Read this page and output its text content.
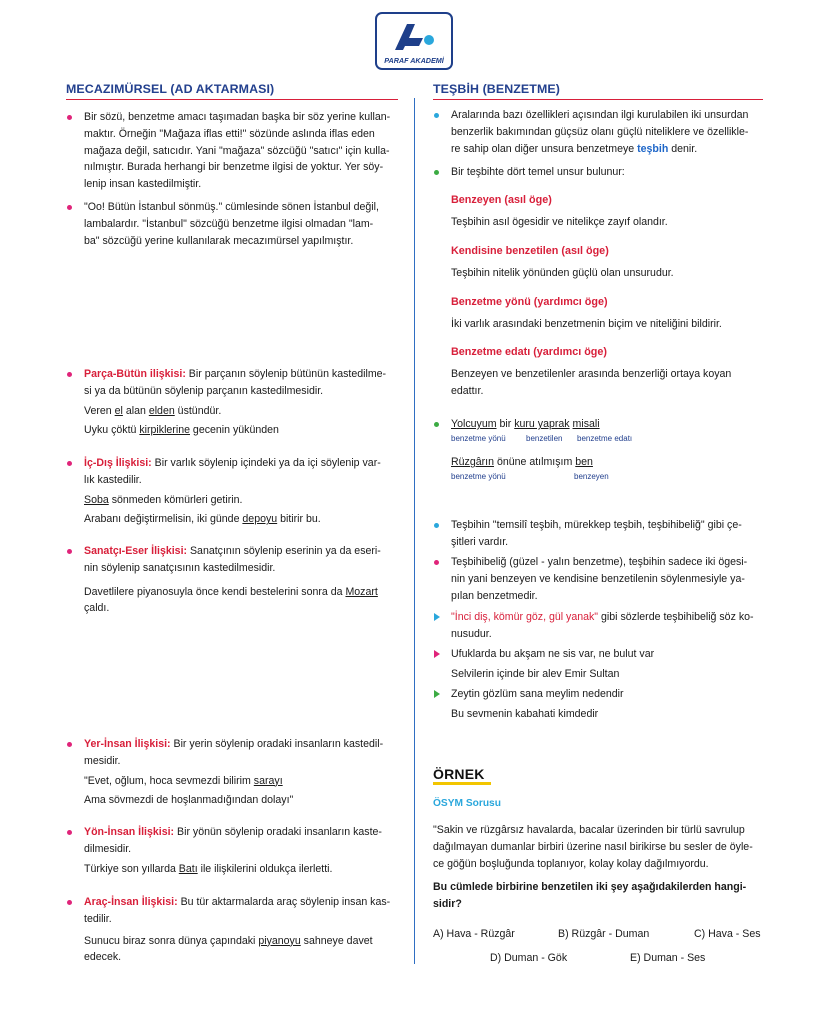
PARAF AKADEMİ
MECAZIMÜRSEL (AD AKTARMASI)
Bir sözü, benzetme amacı taşımadan başka bir söz yerine kullan-
maktır. Örneğin "Mağaza iflas etti!" sözünde aslında iflas eden
mağaza değil, satıcıdır. Yani "mağaza" sözcüğü "satıcı" için kulla-
nılmıştır. Burada herhangi bir benzetme ilgisi de yoktur. Yer söy-
lenip insan kastedilmiştir.
"Oo! Bütün İstanbul sönmüş." cümlesinde sönen İstanbul değil,
lambalardır. "İstanbul" sözcüğü benzetme ilgisi olmadan "lam-
ba" sözcüğü yerine kullanılarak mecazımürsel yapılmıştır.
Parça-Bütün ilişkisi: Bir parçanın söylenip bütünün kastedilme-
si ya da bütünün söylenip parçanın kastedilmesidir.
Veren el alan elden üstündür.
Uyku çöktü kirpiklerine gecenin yükünden
İç-Dış İlişkisi: Bir varlık söylenip içindeki ya da içi söylenip var-
lık kastedilir.
Soba sönmeden kömürleri getirin.
Arabanı değiştirmelisin, iki günde depoyu bitirir bu.
Sanatçı-Eser İlişkisi: Sanatçının söylenip eserinin ya da eseri-
nin söylenip sanatçısının kastedilmesidir.
Davetlilere piyanosuyla önce kendi bestelerini sonra da Mozart
çaldı.
Yer-İnsan İlişkisi: Bir yerin söylenip oradaki insanların kastedil-
mesidir.
"Evet, oğlum, hoca sevmezdi bilirim sarayı
Ama sövmezdi de hoşlanmadığından dolayı"
Yön-İnsan İlişkisi: Bir yönün söylenip oradaki insanların kaste-
dilmesidir.
Türkiye son yıllarda Batı ile ilişkilerini oldukça ilerletti.
Araç-İnsan İlişkisi: Bu tür aktarmalarda araç söylenip insan kas-
tedilir.
Sunucu biraz sonra dünya çapındaki piyanoyu sahneye davet
edecek.
TEŞBİH (BENZETME)
Aralarında bazı özellikleri açısından ilgi kurulabilen iki unsurdan
benzerlik bakımından güçsüz olanı güçlü niteliklere ve özellikle-
re sahip olan diğer unsura benzetmeye teşbih denir.
Bir teşbihte dört temel unsur bulunur:
Benzeyen (asıl öge)
Teşbihin asıl ögesidir ve nitelikçe zayıf olandır.
Kendisine benzetilen (asıl öge)
Teşbihin nitelik yönünden güçlü olan unsurudur.
Benzetme yönü (yardımcı öge)
İki varlık arasındaki benzetmenin biçim ve niteliğini bildirir.
Benzetme edatı (yardımcı öge)
Benzeyen ve benzetilenler arasında benzerliği ortaya koyan edattır.
Yolcuyum bir kuru yaprak misali
benzetme yönü	benzetilen benzetme edatı
Rüzgârın önüne atılmışım ben
benzetme yönü	benzeyen
Teşbihin "temsilî teşbih, mürekkep teşbih, teşbihibeliğ" gibi çe-
şitleri vardır.
Teşbihibeliğ (güzel - yalın benzetme), teşbihin sadece iki ögesi-
nin yani benzeyen ve kendisine benzetilenin söylenmesiyle ya-
pılan benzetmedir.
"İnci diş, kömür göz, gül yanak" gibi sözlerde teşbihibeliğ söz ko-
nusudur.
Ufuklarda bu akşam ne sis var, ne bulut var
Selvilerin içinde bir alev Emir Sultan
Zeytin gözlüm sana meylim nedendir
Bu sevmenin kabahati kimdedir
ÖRNEK
ÖSYM Sorusu
"Sakin ve rüzgârsız havalarda, bacalar üzerinden bir türlü savrulup
dağılmayan dumanlar birbiri üzerine nasıl birikirse bu sesler de öyle-
ce göğün boşluğunda toplanıyor, kolay kolay dağılmıyordu.
Bu cümlede birbirine benzetilen iki şey aşağıdakilerden hangi-
sidir?
A) Hava - Rüzgâr	B) Rüzgâr - Duman	C) Hava - Ses
D) Duman - Gök	E) Duman - Ses
